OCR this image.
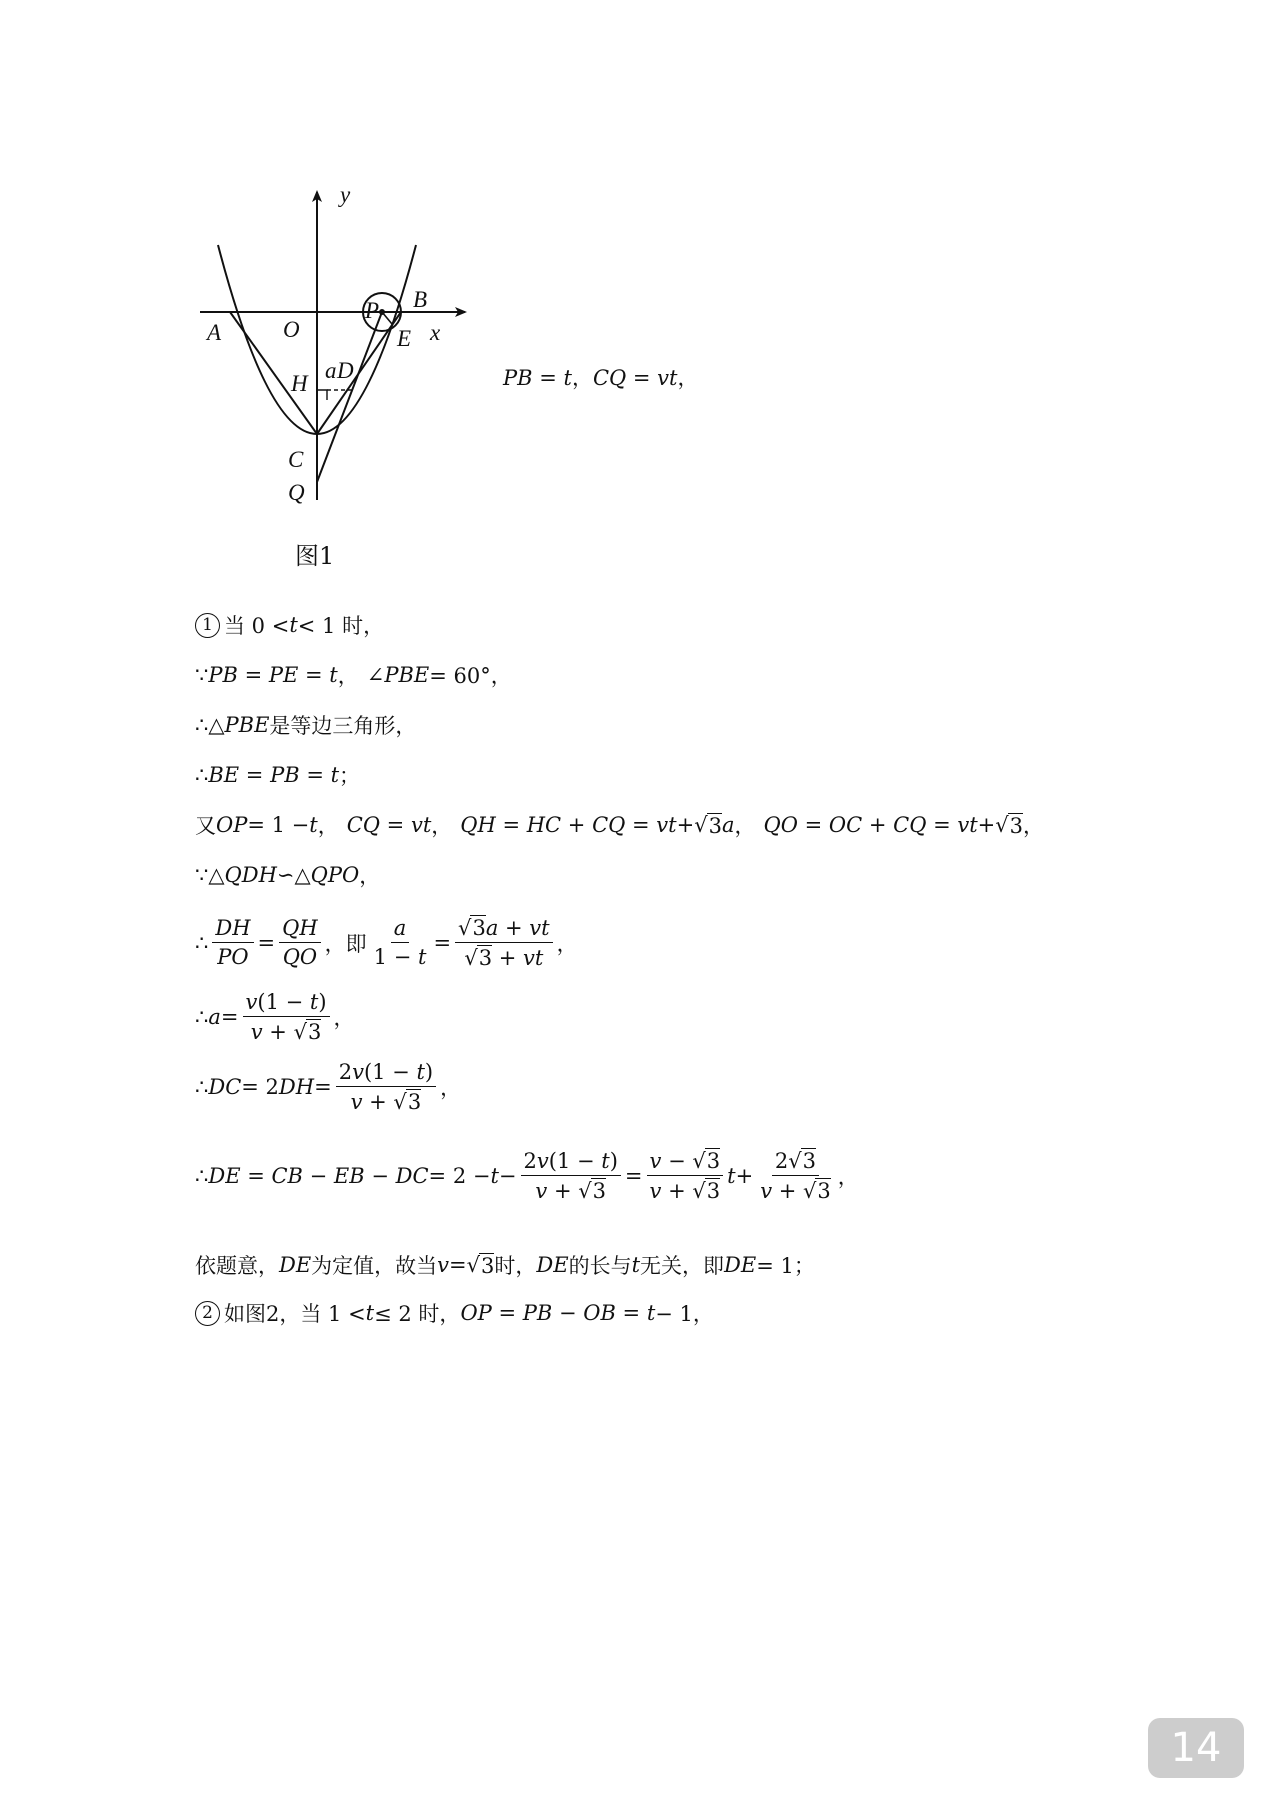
y
x
A	O
B
P
E
H
a D
C
Q
图1
PB = t，CQ = vt，
1 当 0 < t < 1 时，
∵ PB = PE = t ， ∠PBE = 60°，
∴△ PBE 是等边三角形，
∴ BE = PB = t ；
又 OP = 1 − t ， CQ = vt ， QH = HC + CQ = vt + √ 3 a ， QO = OC + CQ = vt + √ 3 ，
∵△ QDH ∽△ QPO ，
∴ $\frac{DH}{PO} = \frac{QH}{QO}$ ，即 $\frac{a}{1 - t} = \frac{√3a + vt}{√3 + vt}$ ，
∴ $a = \frac{v(1 - t)}{v + √3}$ ，
∴ DC = 2 DH = $\frac{2v(1 - t)}{v + √3}$ ，
∴ DE = CB − EB − DC = $2 - t - \frac{2v(1 - t)}{v + √3} = \frac{v - √3}{v + √3}$ $t + \frac{2√3}{v + √3}$ ，
依题意， DE 为定值，故当 v = √ 3 时， DE 的长与 t 无关，即 DE = 1；
2 如图2，当 1 < t ≤ 2 时， OP = PB − OB = t − 1，
14
